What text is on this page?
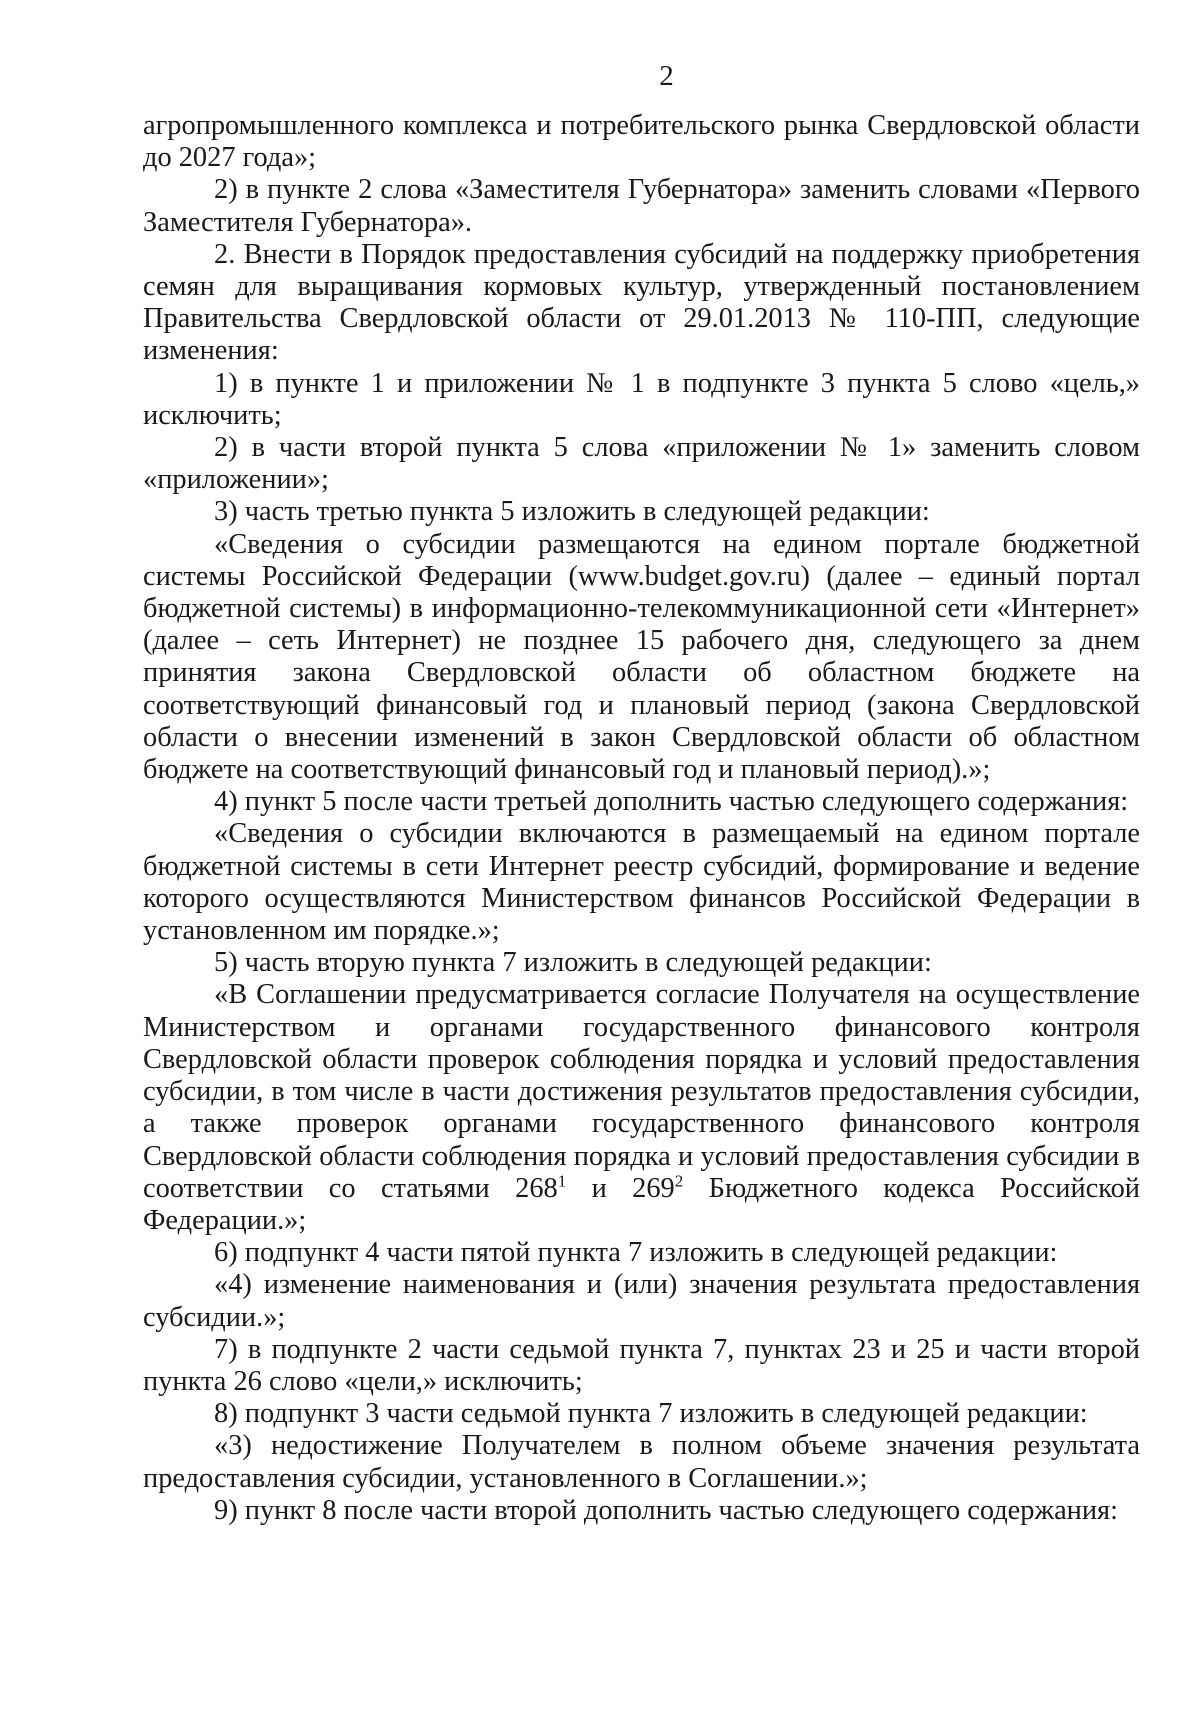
2

агропромышленного комплекса и потребительского рынка Свердловской области до 2027 года»;

2) в пункте 2 слова «Заместителя Губернатора» заменить словами «Первого Заместителя Губернатора».

2. Внести в Порядок предоставления субсидий на поддержку приобретения семян для выращивания кормовых культур, утвержденный постановлением Правительства Свердловской области от 29.01.2013 № 110-ПП, следующие изменения:

1) в пункте 1 и приложении № 1 в подпункте 3 пункта 5 слово «цель,» исключить;

2) в части второй пункта 5 слова «приложении № 1» заменить словом «приложении»;

3) часть третью пункта 5 изложить в следующей редакции:

«Сведения о субсидии размещаются на едином портале бюджетной системы Российской Федерации (www.budget.gov.ru) (далее – единый портал бюджетной системы) в информационно-телекоммуникационной сети «Интернет» (далее – сеть Интернет) не позднее 15 рабочего дня, следующего за днем принятия закона Свердловской области об областном бюджете на соответствующий финансовый год и плановый период (закона Свердловской области о внесении изменений в закон Свердловской области об областном бюджете на соответствующий финансовый год и плановый период).»;

4) пункт 5 после части третьей дополнить частью следующего содержания:

«Сведения о субсидии включаются в размещаемый на едином портале бюджетной системы в сети Интернет реестр субсидий, формирование и ведение которого осуществляются Министерством финансов Российской Федерации в установленном им порядке.»;

5) часть вторую пункта 7 изложить в следующей редакции:

«В Соглашении предусматривается согласие Получателя на осуществление Министерством и органами государственного финансового контроля Свердловской области проверок соблюдения порядка и условий предоставления субсидии, в том числе в части достижения результатов предоставления субсидии, а также проверок органами государственного финансового контроля Свердловской области соблюдения порядка и условий предоставления субсидии в соответствии со статьями $268^1$ и $269^2$ Бюджетного кодекса Российской Федерации.»;

6) подпункт 4 части пятой пункта 7 изложить в следующей редакции:

«4) изменение наименования и (или) значения результата предоставления субсидии.»;

7) в подпункте 2 части седьмой пункта 7, пунктах 23 и 25 и части второй пункта 26 слово «цели,» исключить;

8) подпункт 3 части седьмой пункта 7 изложить в следующей редакции:

«3) недостижение Получателем в полном объеме значения результата предоставления субсидии, установленного в Соглашении.»;

9) пункт 8 после части второй дополнить частью следующего содержания:
